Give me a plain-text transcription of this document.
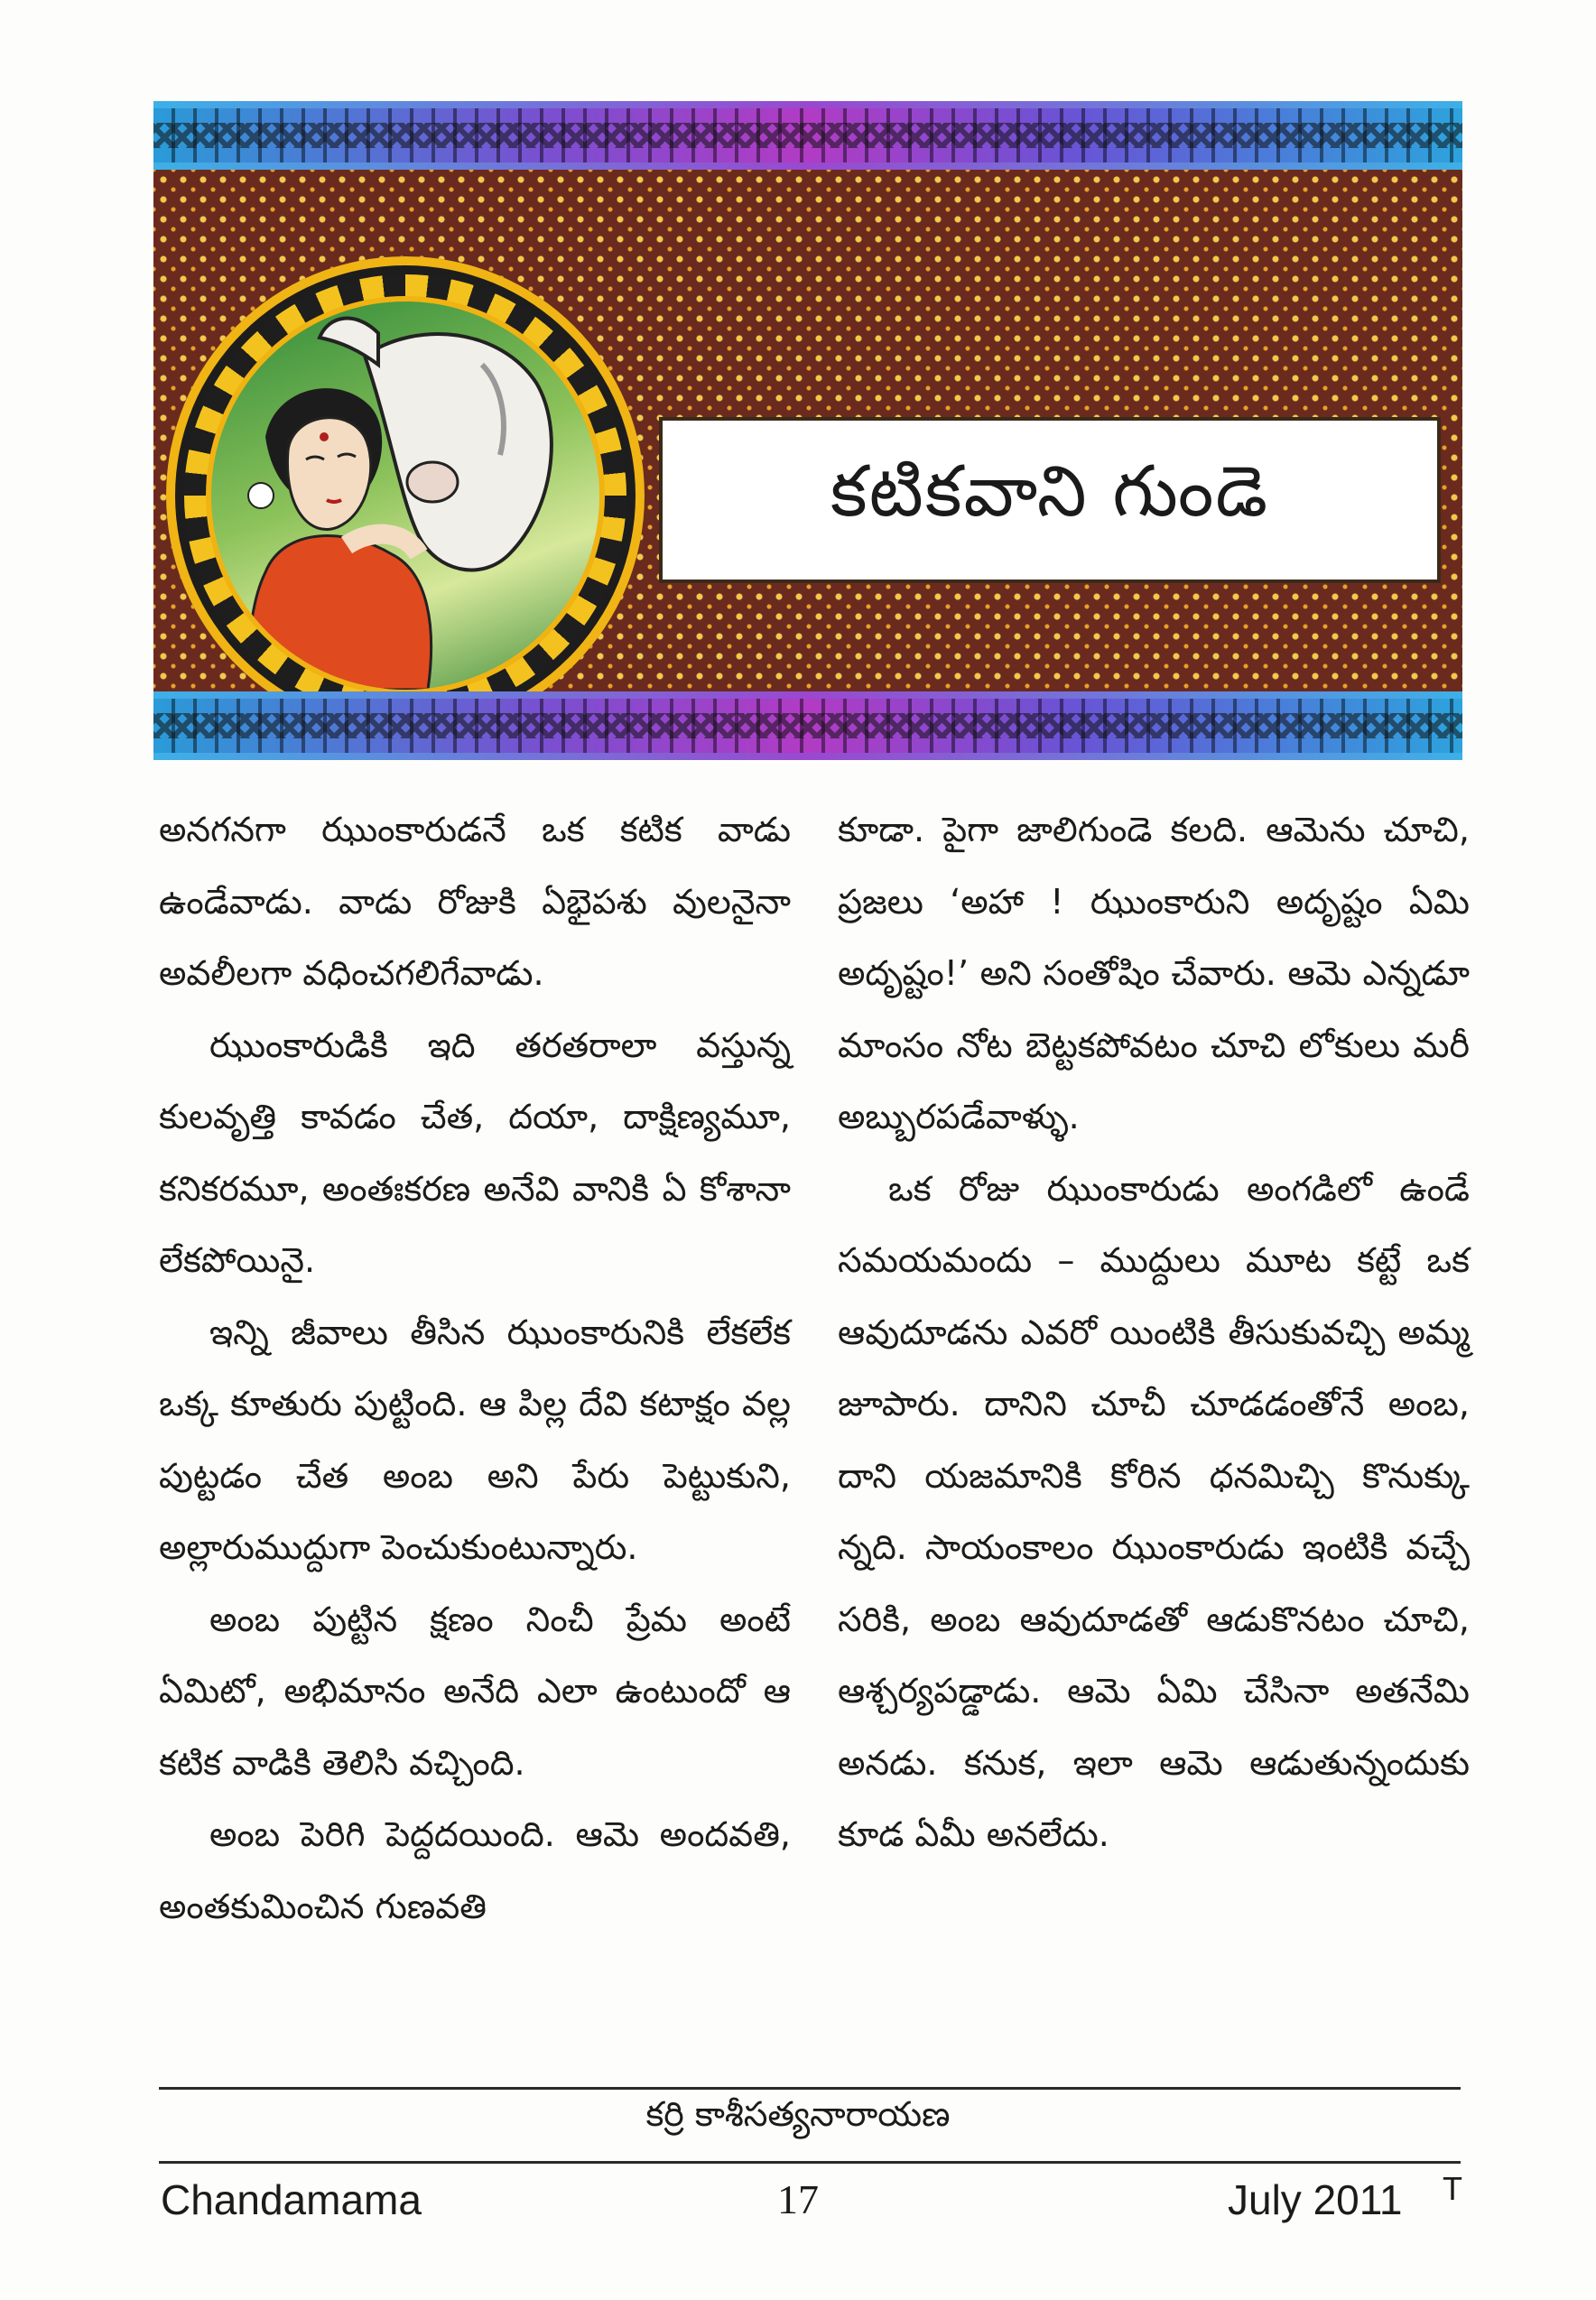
కటికవాని గుండె

అనగనగా ఝుంకారుడనే ఒక కటిక వాడు ఉండేవాడు. వాడు రోజుకి ఏభైపశు వులనైనా అవలీలగా వధించగలిగేవాడు.

ఝుంకారుడికి ఇది తరతరాలా వస్తున్న కులవృత్తి కావడం చేత, దయా, దాక్షిణ్యమూ, కనికరమూ, అంతఃకరణ అనేవి వానికి ఏ కోశానా లేకపోయినై.

ఇన్ని జీవాలు తీసిన ఝుంకారునికి లేకలేక ఒక్క కూతురు పుట్టింది. ఆ పిల్ల దేవి కటాక్షం వల్ల పుట్టడం చేత అంబ అని పేరు పెట్టుకుని, అల్లారుముద్దుగా పెంచుకుంటున్నారు.

అంబ పుట్టిన క్షణం నించీ ప్రేమ అంటే ఏమిటో, అభిమానం అనేది ఎలా ఉంటుందో ఆ కటిక వాడికి తెలిసి వచ్చింది.

అంబ పెరిగి పెద్దదయింది. ఆమె అందవతి, అంతకుమించిన గుణవతి

కూడా. పైగా జాలిగుండె కలది. ఆమెను చూచి, ప్రజలు ‘అహా ! ఝుంకారుని అదృష్టం ఏమి అదృష్టం!’ అని సంతోషిం చేవారు. ఆమె ఎన్నడూ మాంసం నోట బెట్టకపోవటం చూచి లోకులు మరీ అబ్బురపడేవాళ్ళు.

ఒక రోజు ఝుంకారుడు అంగడిలో ఉండే సమయమందు – ముద్దులు మూట కట్టే ఒక ఆవుదూడను ఎవరో యింటికి తీసుకువచ్చి అమ్మ జూపారు. దానిని చూచీ చూడడంతోనే అంబ, దాని యజమానికి కోరిన ధనమిచ్చి కొనుక్కు న్నది. సాయంకాలం ఝుంకారుడు ఇంటికి వచ్చే సరికి, అంబ ఆవుదూడతో ఆడుకొనటం చూచి, ఆశ్చర్యపడ్డాడు. ఆమె ఏమి చేసినా అతనేమి అనడు. కనుక, ఇలా ఆమె ఆడుతున్నందుకు కూడ ఏమీ అనలేదు.

కర్రి కాశీసత్యనారాయణ
Chandamama	17	July 2011 T
